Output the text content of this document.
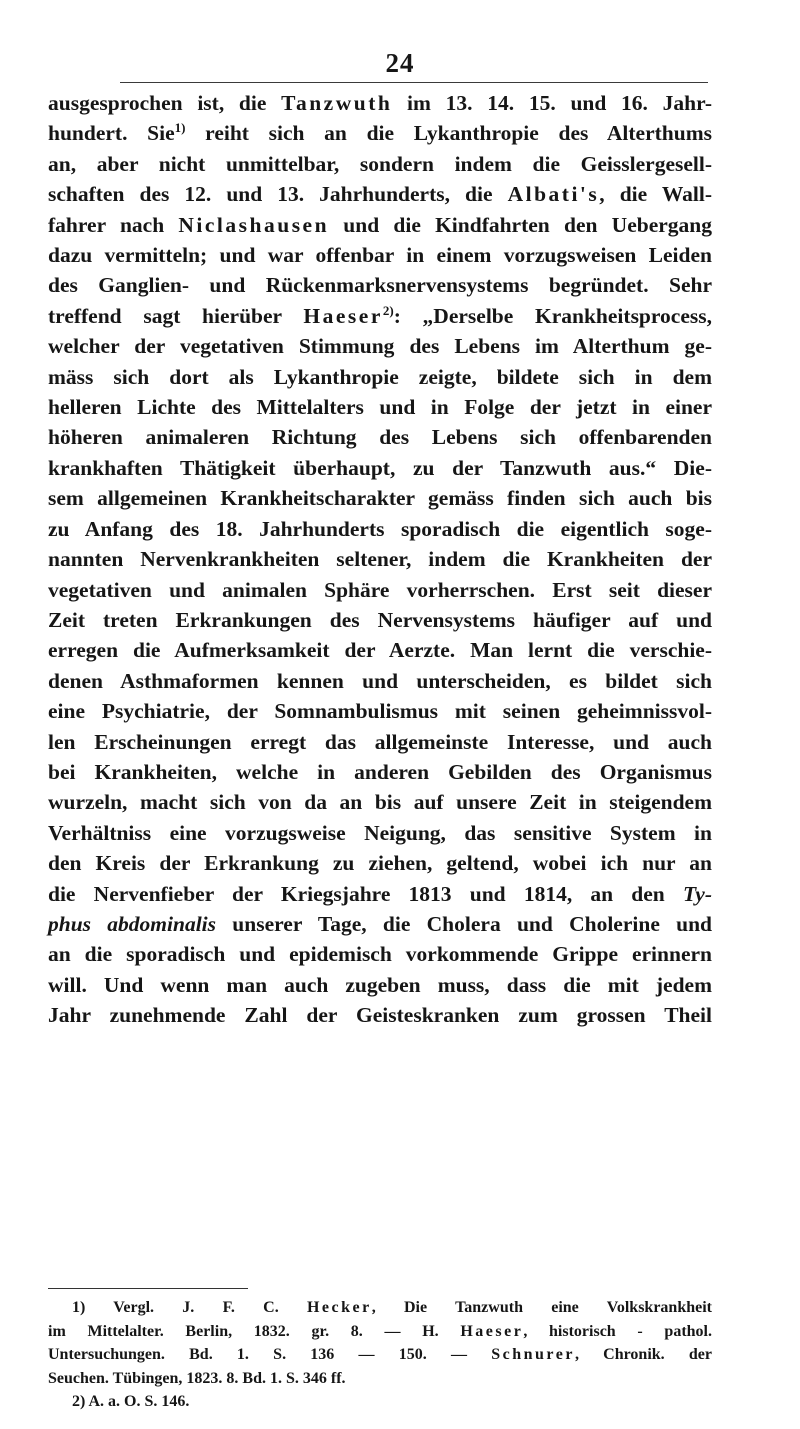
24
ausgesprochen ist, die Tanzwuth im 13. 14. 15. und 16. Jahr-
hundert. Sie$^{1)}$ reiht sich an die Lykanthropie des Alterthums
an, aber nicht unmittelbar, sondern indem die Geisslergesell-
schaften des 12. und 13. Jahrhunderts, die Albati's, die Wall-
fahrer nach Niclashausen und die Kindfahrten den Uebergang
dazu vermitteln; und war offenbar in einem vorzugsweisen Leiden
des Ganglien- und Rückenmarksnervensystems begründet. Sehr
treffend sagt hierüber Haeser$^{2)}$: „Derselbe Krankheitsprocess,
welcher der vegetativen Stimmung des Lebens im Alterthum ge-
mäss sich dort als Lykanthropie zeigte, bildete sich in dem
helleren Lichte des Mittelalters und in Folge der jetzt in einer
höheren animaleren Richtung des Lebens sich offenbarenden
krankhaften Thätigkeit überhaupt, zu der Tanzwuth aus.“ Die-
sem allgemeinen Krankheitscharakter gemäss finden sich auch bis
zu Anfang des 18. Jahrhunderts sporadisch die eigentlich soge-
nannten Nervenkrankheiten seltener, indem die Krankheiten der
vegetativen und animalen Sphäre vorherrschen. Erst seit dieser
Zeit treten Erkrankungen des Nervensystems häufiger auf und
erregen die Aufmerksamkeit der Aerzte. Man lernt die verschie-
denen Asthmaformen kennen und unterscheiden, es bildet sich
eine Psychiatrie, der Somnambulismus mit seinen geheimnissvol-
len Erscheinungen erregt das allgemeinste Interesse, und auch
bei Krankheiten, welche in anderen Gebilden des Organismus
wurzeln, macht sich von da an bis auf unsere Zeit in steigendem
Verhältniss eine vorzugsweise Neigung, das sensitive System in
den Kreis der Erkrankung zu ziehen, geltend, wobei ich nur an
die Nervenfieber der Kriegsjahre 1813 und 1814, an den Ty-
phus abdominalis unserer Tage, die Cholera und Cholerine und
an die sporadisch und epidemisch vorkommende Grippe erinnern
will. Und wenn man auch zugeben muss, dass die mit jedem
Jahr zunehmende Zahl der Geisteskranken zum grossen Theil
1) Vergl. J. F. C. Hecker, Die Tanzwuth eine Volkskrankheit
im Mittelalter. Berlin, 1832. gr. 8. — H. Haeser, historisch - pathol.
Untersuchungen. Bd. 1. S. 136 — 150. — Schnurer, Chronik. der
Seuchen. Tübingen, 1823. 8. Bd. 1. S. 346 ff.
2) A. a. O. S. 146.
